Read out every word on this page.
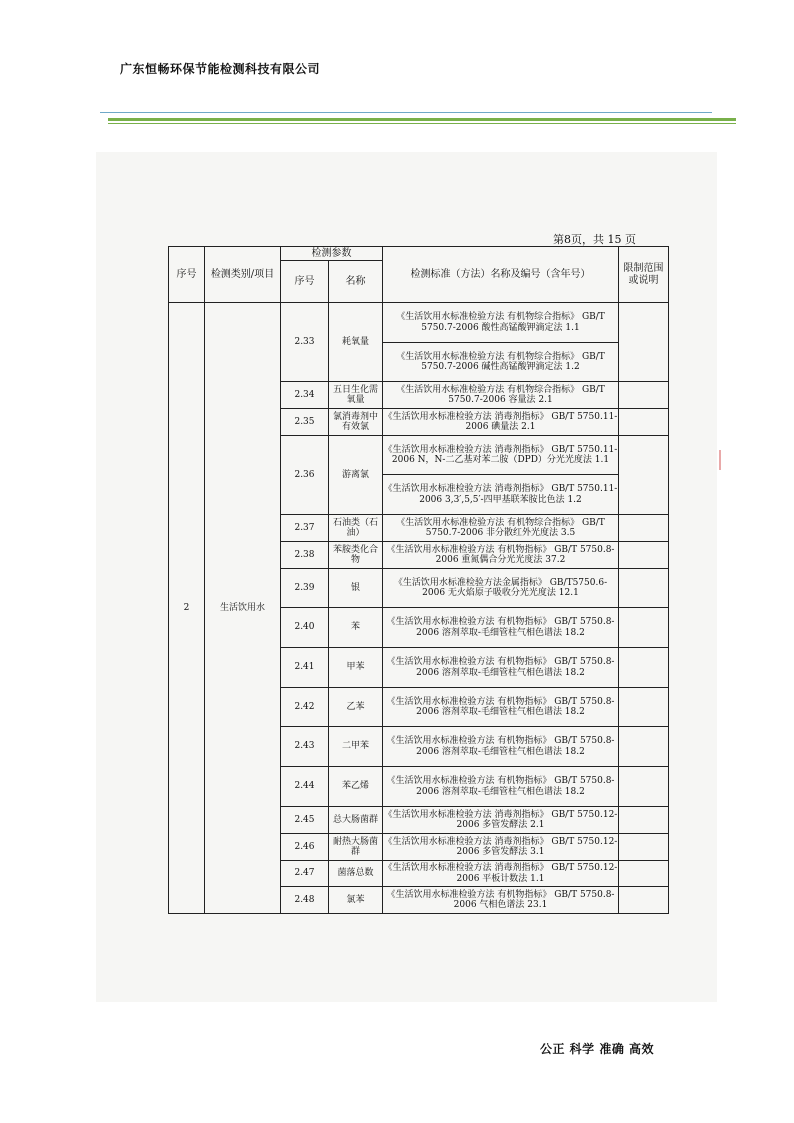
广东恒畅环保节能检测科技有限公司
第8页，共 15 页
序号	检测类别/项目	检测参数		检测标准（方法）名称及编号（含年号）	限制范围或说明
		序号	名称		
2	生活饮用水	2.33	耗氧量	《生活饮用水标准检验方法 有机物综合指标》 GB/T 5750.7-2006 酸性高锰酸钾滴定法 1.1	
				《生活饮用水标准检验方法 有机物综合指标》 GB/T 5750.7-2006 碱性高锰酸钾滴定法 1.2	
		2.34	五日生化需氧量	《生活饮用水标准检验方法 有机物综合指标》 GB/T 5750.7-2006 容量法 2.1	
		2.35	氯消毒剂中有效氯	《生活饮用水标准检验方法 消毒剂指标》 GB/T 5750.11-2006 碘量法 2.1	
		2.36	游离氯	《生活饮用水标准检验方法 消毒剂指标》 GB/T 5750.11-2006 N，N-二乙基对苯二胺（DPD）分光光度法 1.1	
				《生活饮用水标准检验方法 消毒剂指标》 GB/T 5750.11-2006 3,3′,5,5′-四甲基联苯胺比色法 1.2	
		2.37	石油类（石油）	《生活饮用水标准检验方法 有机物综合指标》 GB/T 5750.7-2006 非分散红外光度法 3.5	
		2.38	苯胺类化合物	《生活饮用水标准检验方法 有机物指标》 GB/T 5750.8-2006 重氮偶合分光光度法 37.2	
		2.39	银	《生活饮用水标准检验方法金属指标》 GB/T5750.6-2006 无火焰原子吸收分光光度法 12.1	
		2.40	苯	《生活饮用水标准检验方法 有机物指标》 GB/T 5750.8-2006 溶剂萃取-毛细管柱气相色谱法 18.2	
		2.41	甲苯	《生活饮用水标准检验方法 有机物指标》 GB/T 5750.8-2006 溶剂萃取-毛细管柱气相色谱法 18.2	
		2.42	乙苯	《生活饮用水标准检验方法 有机物指标》 GB/T 5750.8-2006 溶剂萃取-毛细管柱气相色谱法 18.2	
		2.43	二甲苯	《生活饮用水标准检验方法 有机物指标》 GB/T 5750.8-2006 溶剂萃取-毛细管柱气相色谱法 18.2	
		2.44	苯乙烯	《生活饮用水标准检验方法 有机物指标》 GB/T 5750.8-2006 溶剂萃取-毛细管柱气相色谱法 18.2	
		2.45	总大肠菌群	《生活饮用水标准检验方法 消毒剂指标》 GB/T 5750.12-2006 多管发酵法 2.1	
		2.46	耐热大肠菌群	《生活饮用水标准检验方法 消毒剂指标》 GB/T 5750.12-2006 多管发酵法 3.1	
		2.47	菌落总数	《生活饮用水标准检验方法 消毒剂指标》 GB/T 5750.12-2006 平板计数法 1.1	
		2.48	氯苯	《生活饮用水标准检验方法 有机物指标》 GB/T 5750.8-2006 气相色谱法 23.1	
公正 科学 准确 高效
